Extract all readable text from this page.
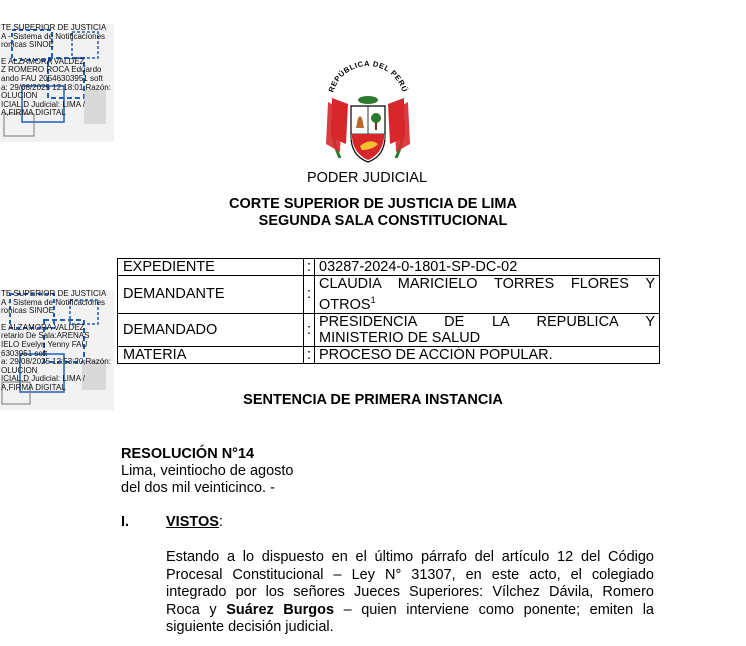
TE SUPERIOR DE JUSTICIA
A - Sistema de Notificaciones
ronicas SINOE
E ALZAMORA VALDEZ
Z ROMERO ROCA Eduardo
ando FAU 20546303951 soft
a: 29/08/2025 12:18:01,Razón:
OLUCIÓN
ICIAL,D Judicial: LIMA /
A,FIRMA DIGITAL
TE SUPERIOR DE JUSTICIA
A - Sistema de Notificaciones
ronicas SINOE
E ALZAMORA VALDEZ
retario De Sala:ARENAS
IELO Evelyn Yenny FAU
6303951 soft
a: 29/08/2025 12:53:20,Razón:
OLUCIÓN
ICIAL,D Judicial: LIMA /
A,FIRMA DIGITAL
REPÚBLICA DEL PERÚ
PODER JUDICIAL
CORTE SUPERIOR DE JUSTICIA DE LIMA
SEGUNDA SALA CONSTITUCIONAL
EXPEDIENTE	:	03287-2024-0-1801-SP-DC-02
DEMANDANTE	:	CLAUDIA MARICIELO TORRES FLORES Y
OTROS$^1$
DEMANDADO	:	PRESIDENCIA DE LA REPUBLICA Y
MINISTERIO DE SALUD
MATERIA	:	PROCESO DE ACCIÓN POPULAR.
SENTENCIA DE PRIMERA INSTANCIA
RESOLUCIÓN N°14
Lima, veintiocho de agosto
del dos mil veinticinco. -
I.	VISTOS:
Estando a lo dispuesto en el último párrafo del artículo 12 del Código
Procesal Constitucional – Ley N° 31307, en este acto, el colegiado
integrado por los señores Jueces Superiores: Vílchez Dávila, Romero
Roca y Suárez Burgos – quien interviene como ponente; emiten la
siguiente decisión judicial.
